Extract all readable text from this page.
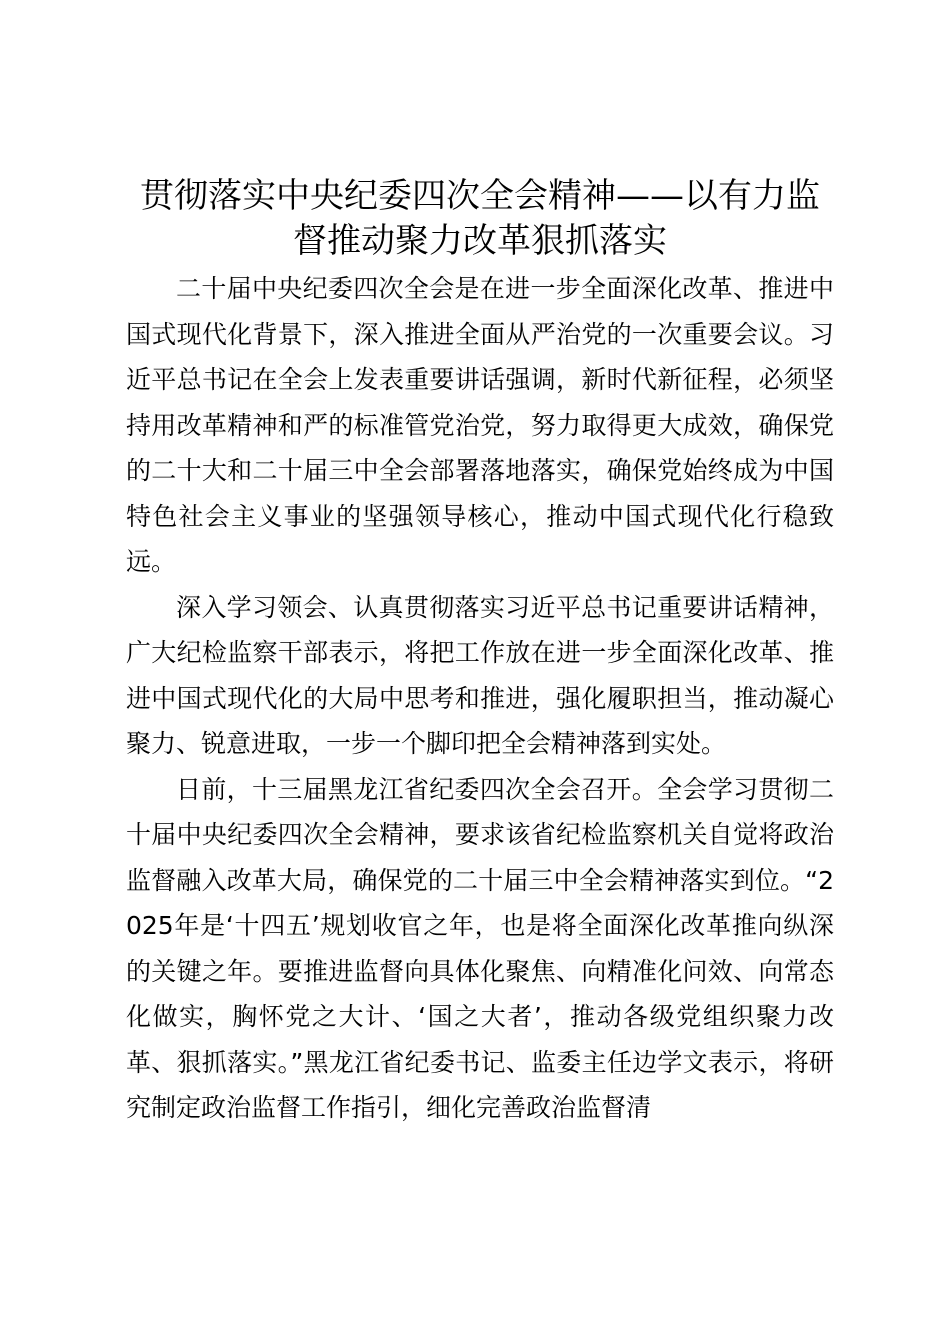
贯彻落实中央纪委四次全会精神——以有力监督推动聚力改革狠抓落实

二十届中央纪委四次全会是在进一步全面深化改革、推进中国式现代化背景下，深入推进全面从严治党的一次重要会议。习近平总书记在全会上发表重要讲话强调，新时代新征程，必须坚持用改革精神和严的标准管党治党，努力取得更大成效，确保党的二十大和二十届三中全会部署落地落实，确保党始终成为中国特色社会主义事业的坚强领导核心，推动中国式现代化行稳致远。

深入学习领会、认真贯彻落实习近平总书记重要讲话精神，广大纪检监察干部表示，将把工作放在进一步全面深化改革、推进中国式现代化的大局中思考和推进，强化履职担当，推动凝心聚力、锐意进取，一步一个脚印把全会精神落到实处。

日前，十三届黑龙江省纪委四次全会召开。全会学习贯彻二十届中央纪委四次全会精神，要求该省纪检监察机关自觉将政治监督融入改革大局，确保党的二十届三中全会精神落实到位。“2025年是‘十四五’规划收官之年，也是将全面深化改革推向纵深的关键之年。要推进监督向具体化聚焦、向精准化问效、向常态化做实，胸怀党之大计、‘国之大者’，推动各级党组织聚力改革、狠抓落实。”黑龙江省纪委书记、监委主任边学文表示，将研究制定政治监督工作指引，细化完善政治监督清
